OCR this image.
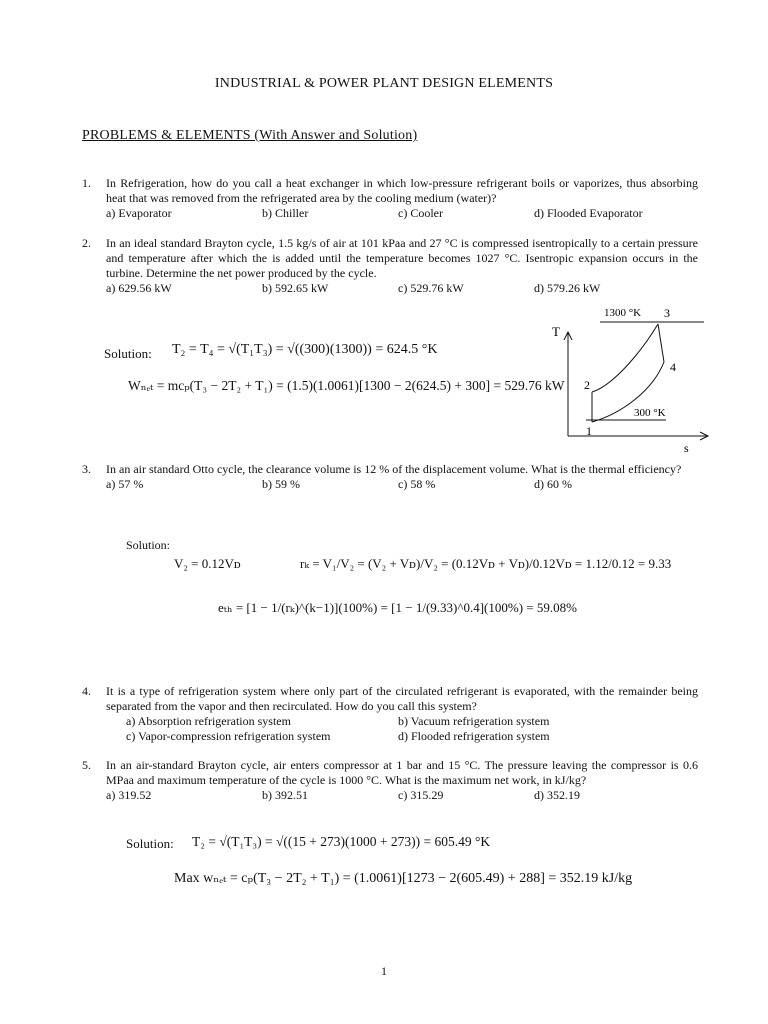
INDUSTRIAL & POWER PLANT DESIGN ELEMENTS
PROBLEMS & ELEMENTS (With Answer and Solution)
1. In Refrigeration, how do you call a heat exchanger in which low-pressure refrigerant boils or vaporizes, thus absorbing heat that was removed from the refrigerated area by the cooling medium (water)?
a) Evaporator	b) Chiller	c) Cooler	d) Flooded Evaporator
2. In an ideal standard Brayton cycle, 1.5 kg/s of air at 101 kPaa and 27 °C is compressed isentropically to a certain pressure and temperature after which the is added until the temperature becomes 1027 °C. Isentropic expansion occurs in the turbine. Determine the net power produced by the cycle.
a) 629.56 kW	b) 592.65 kW	c) 529.76 kW	d) 579.26 kW
Solution: T₂ = T₄ = √(T₁T₃) = √((300)(1300)) = 624.5 °K
Wₙₑₜ = mcₚ(T₃ − 2T₂ + T₁) = (1.5)(1.0061)[1300 − 2(624.5) + 300] = 529.76 kW
T
s
1300 °K
300 °K
1
2
3
4
3. In an air standard Otto cycle, the clearance volume is 12 % of the displacement volume. What is the thermal efficiency?
a) 57 %	b) 59 %	c) 58 %	d) 60 %
Solution:
V₂ = 0.12Vᴅ	rₖ = V₁/V₂ = (V₂ + Vᴅ)/V₂ = (0.12Vᴅ + Vᴅ)/0.12Vᴅ = 1.12/0.12 = 9.33
eₜₕ = [1 − 1/(rₖ)^(k−1)](100%) = [1 − 1/(9.33)^0.4](100%) = 59.08%
4. It is a type of refrigeration system where only part of the circulated refrigerant is evaporated, with the remainder being separated from the vapor and then recirculated. How do you call this system?
a) Absorption refrigeration system	b) Vacuum refrigeration system
c) Vapor-compression refrigeration system	d) Flooded refrigeration system
5. In an air-standard Brayton cycle, air enters compressor at 1 bar and 15 °C. The pressure leaving the compressor is 0.6 MPaa and maximum temperature of the cycle is 1000 °C. What is the maximum net work, in kJ/kg?
a) 319.52	b) 392.51	c) 315.29	d) 352.19
Solution: T₂ = √(T₁T₃) = √((15 + 273)(1000 + 273)) = 605.49 °K
Max wₙₑₜ = cₚ(T₃ − 2T₂ + T₁) = (1.0061)[1273 − 2(605.49) + 288] = 352.19 kJ/kg
1
